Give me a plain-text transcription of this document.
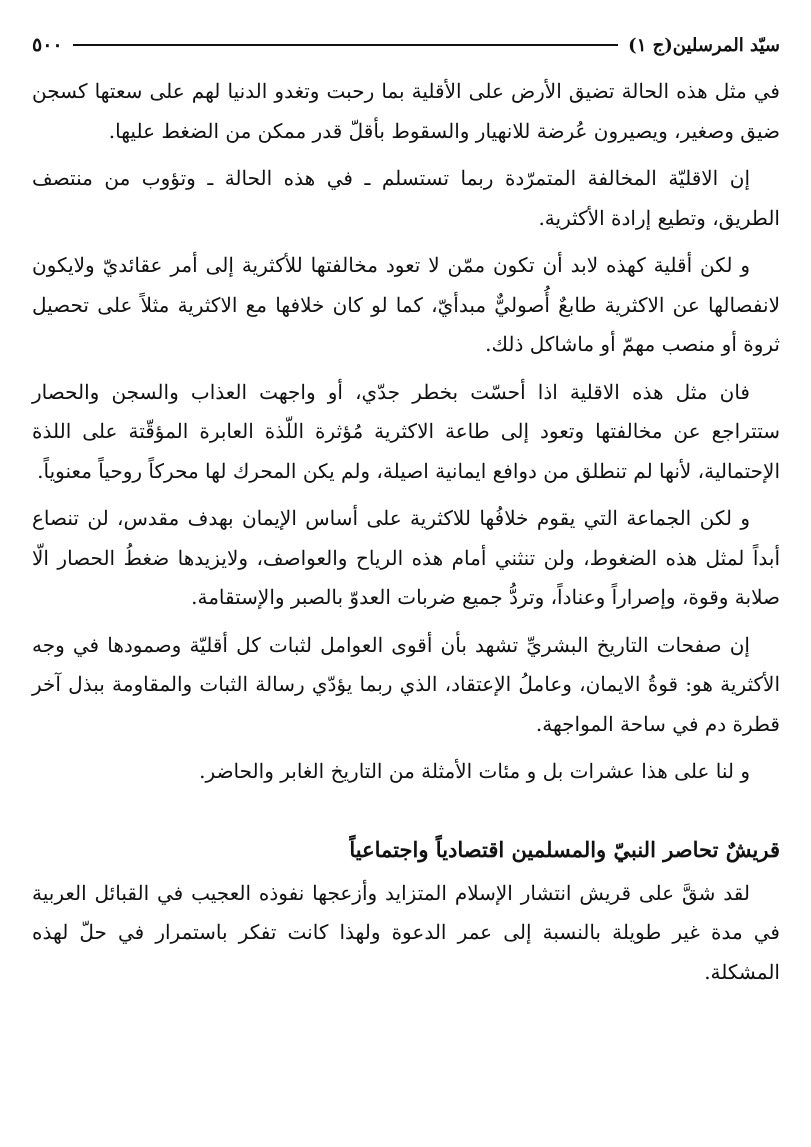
٥٠٠	سيّد المرسلين(ج ١)

في مثل هذه الحالة تضيق الأرض على الأقلية بما رحبت وتغدو الدنيا لهم على سعتها كسجن ضيق وصغير، ويصيرون عُرضة للانهيار والسقوط بأقلّ قدر ممكن من الضغط عليها.

إن الاقليّة المخالفة المتمرّدة ربما تستسلم ـ في هذه الحالة ـ وتؤوب من منتصف الطريق، وتطيع إرادة الأكثرية.

و لكن أقلية كهذه لابد أن تكون ممّن لا تعود مخالفتها للأكثرية إلى أمر عقائديّ ولايكون لانفصالها عن الاكثرية طابعٌ أُصوليٌّ مبدأيّ، كما لو كان خلافها مع الاكثرية مثلاً على تحصيل ثروة أو منصب مهمّ أو ماشاكل ذلك.

فان مثل هذه الاقلية اذا أحسّت بخطر جدّي، أو واجهت العذاب والسجن والحصار ستتراجع عن مخالفتها وتعود إلى طاعة الاكثرية مُؤثرة اللّذة العابرة المؤقّتة على اللذة الإحتمالية، لأنها لم تنطلق من دوافع ايمانية اصيلة، ولم يكن المحرك لها محركاً روحياً معنوياً.

و لكن الجماعة التي يقوم خلافُها للاكثرية على أساس الإيمان بهدف مقدس، لن تنصاع أبداً لمثل هذه الضغوط، ولن تنثني أمام هذه الرياح والعواصف، ولايزيدها ضغطُ الحصار الّا صلابة وقوة، وإصراراً وعناداً، وتردُّ جميع ضربات العدوّ بالصبر والإستقامة.

إن صفحات التاريخ البشريِّ تشهد بأن أقوى العوامل لثبات كل أقليّة وصمودها في وجه الأكثرية هو: قوةُ الايمان، وعاملُ الإعتقاد، الذي ربما يؤدّي رسالة الثبات والمقاومة ببذل آخر قطرة دم في ساحة المواجهة.

و لنا على هذا عشرات بل و مئات الأمثلة من التاريخ الغابر والحاضر.

قريشٌ تحاصر النبيّ والمسلمين اقتصادياً واجتماعياً

لقد شقَّ على قريش انتشار الإسلام المتزايد وأزعجها نفوذه العجيب في القبائل العربية في مدة غير طويلة بالنسبة إلى عمر الدعوة ولهذا كانت تفكر باستمرار في حلّ لهذه المشكلة.
